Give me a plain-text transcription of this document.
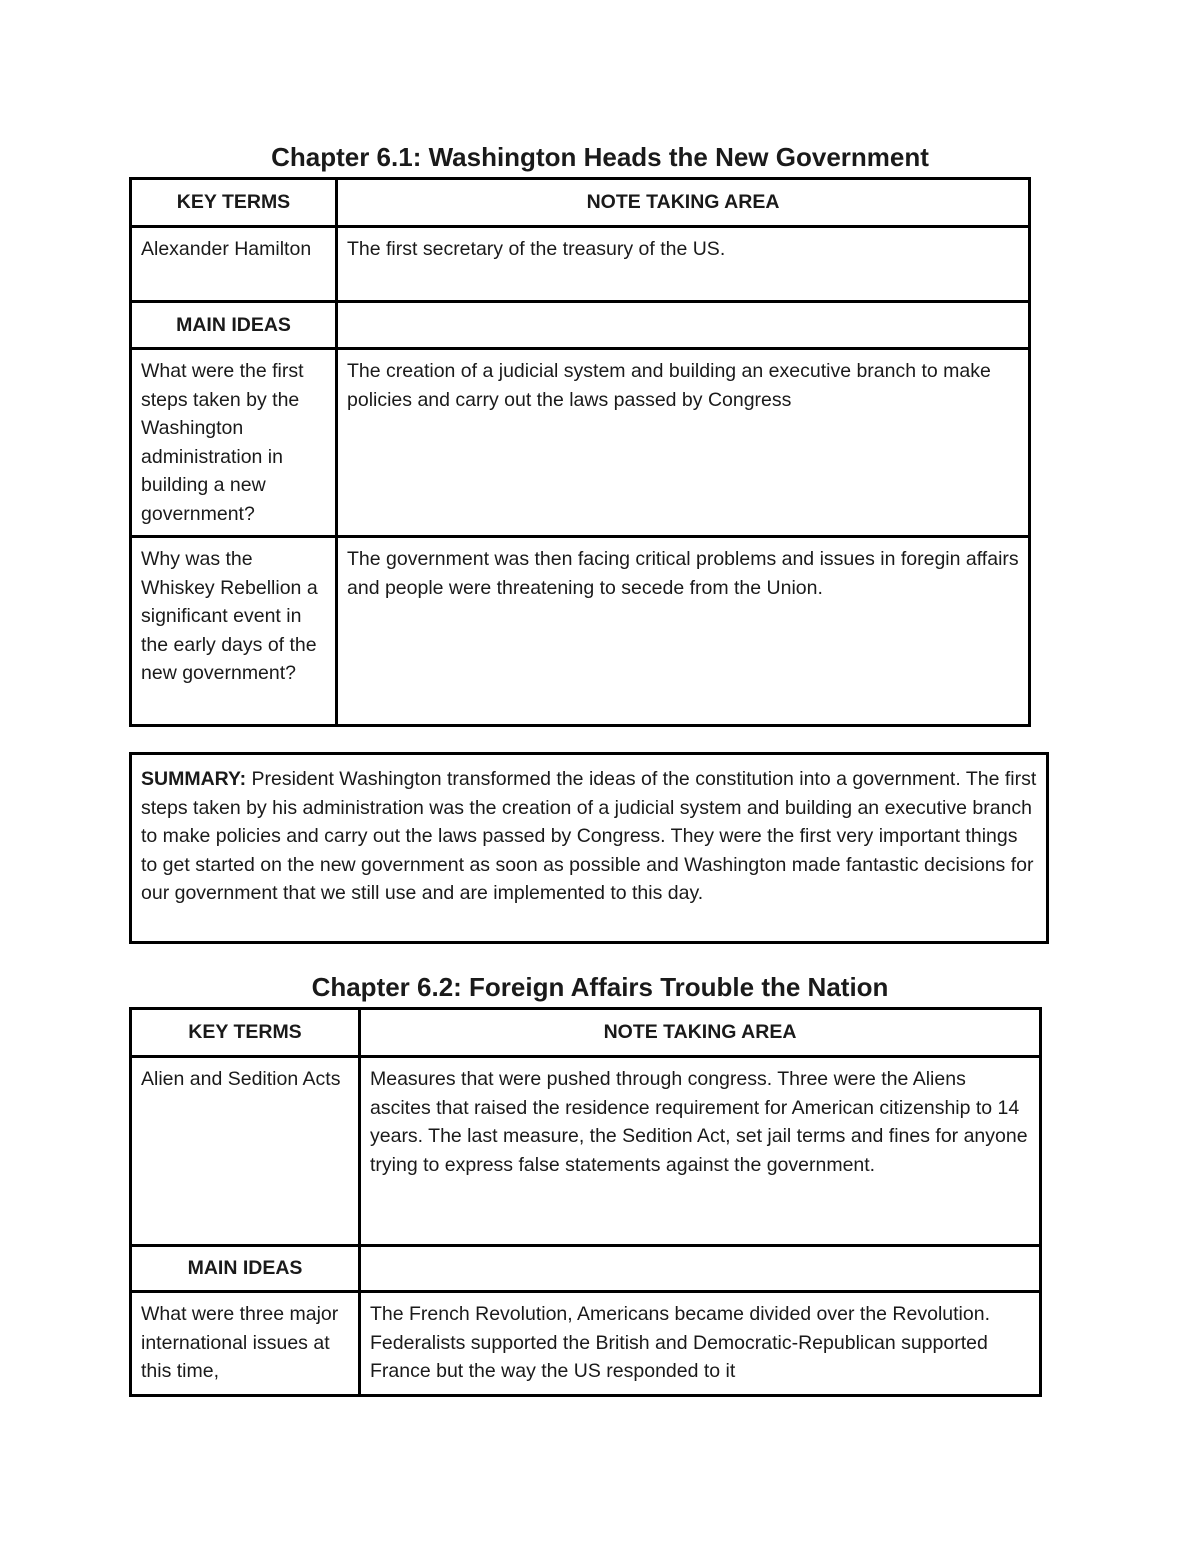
Chapter 6.1: Washington Heads the New Government
KEY TERMS	NOTE TAKING AREA
Alexander Hamilton	The first secretary of the treasury of the US.
MAIN IDEAS	
What were the first steps taken by the Washington administration in building a new government?	The creation of a judicial system and building an executive branch to make policies and carry out the laws passed by Congress
Why was the Whiskey Rebellion a significant event in the early days of the new government?	The government was then facing critical problems and issues in foregin affairs and people were threatening to secede from the Union.
SUMMARY: President Washington transformed the ideas of the constitution into a government. The first steps taken by his administration was the creation of a judicial system and building an executive branch to make policies and carry out the laws passed by Congress. They were the first very important things to get started on the new government as soon as possible and Washington made fantastic decisions for our government that we still use and are implemented to this day.
Chapter 6.2: Foreign Affairs Trouble the Nation
KEY TERMS	NOTE TAKING AREA
Alien and Sedition Acts	Measures that were pushed through congress. Three were the Aliens ascites that raised the residence requirement for American citizenship to 14 years. The last measure, the Sedition Act, set jail terms and fines for anyone trying to express false statements against the government.
MAIN IDEAS	
What were three major international issues at this time,	The French Revolution, Americans became divided over the Revolution. Federalists supported the British and Democratic-Republican supported France but the way the US responded to it
